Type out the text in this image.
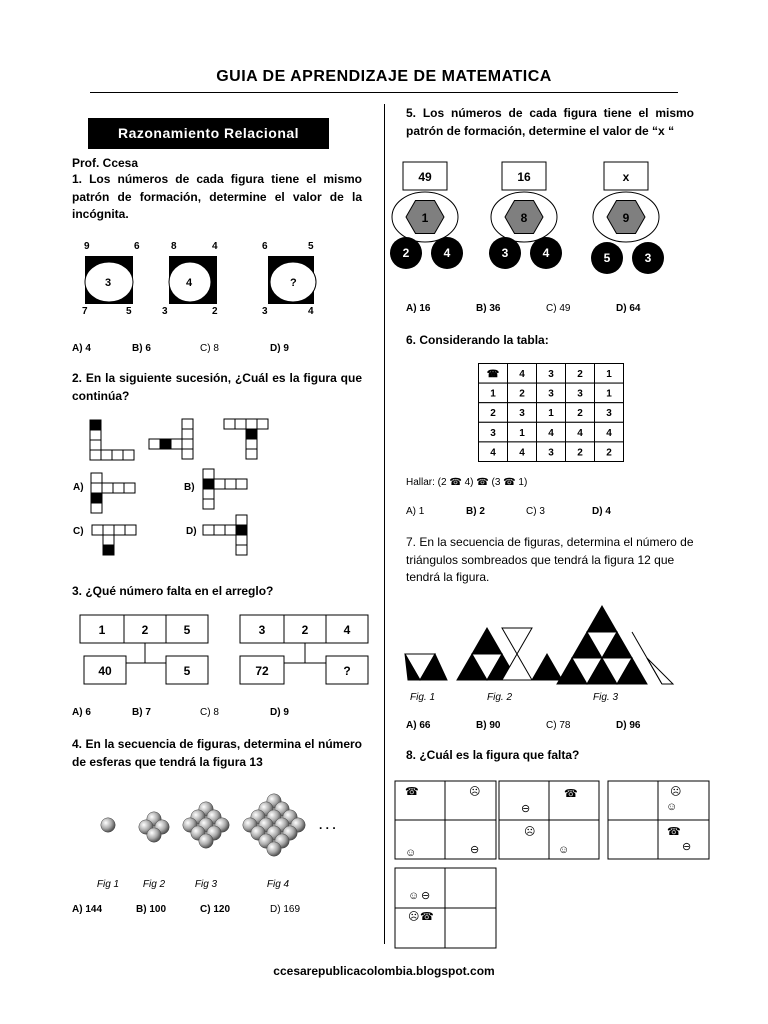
GUIA DE APRENDIZAJE DE MATEMATICA
Razonamiento Relacional
Prof. Ccesa
1. Los números de cada figura tiene el mismo patrón de formación, determine el valor de la incógnita.
9	6
3
7	5
8	4
4
3	2
6	5
?
3	4
A) 4	B) 6	C) 8	D) 9
2. En la siguiente sucesión, ¿Cuál es la figura que continúa?
A)	B)
C)	D)
3. ¿Qué número falta en el arreglo?
1	2	5
40	5
3	2	4
72	?
A) 6	B) 7	C) 8	D) 9
4. En la secuencia de figuras, determina el número de esferas que tendrá la figura 13
. . .
Fig 1 Fig 2	Fig 3	Fig 4
A) 144	B) 100	C) 120	D) 169
5. Los números de cada figura tiene el mismo patrón de formación, determine el valor de “x “
49
1
2	4
16
8
3	4
x
9
5	3
A) 16	B) 36	C) 49	D) 64
6. Considerando la tabla:
☎ 4 3 2 1
1 2 3 3 1
2 3 1 2 3
3 1 4 4 4
4 4 3 2 2
Hallar: (2 ☎ 4) ☎ (3 ☎ 1)
A) 1	B) 2	C) 3	D) 4
7. En la secuencia de figuras, determina el número de triángulos sombreados que tendrá la figura 12 que tendrá la figura.
Fig. 1	Fig. 2	Fig. 3
A) 66	B) 90	C) 78	D) 96
8. ¿Cuál es la figura que falta?
☎	☹
☺	⊖
⊖
☎
☹
☺
☹
☺
☎
⊖
☺ ⊖
☹ ☎
ccesarepublicacolombia.blogspot.com
